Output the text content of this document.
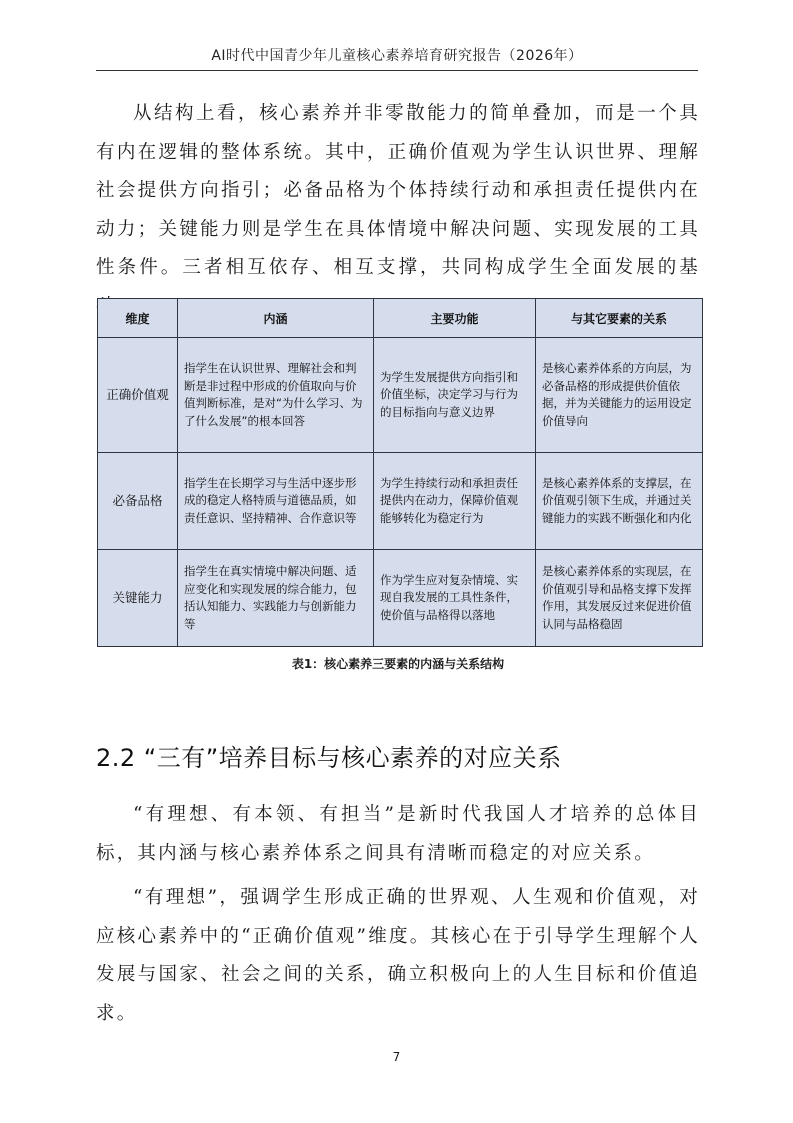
AI时代中国青少年儿童核心素养培育研究报告（2026年）

从结构上看，核心素养并非零散能力的简单叠加，而是一个具有内在逻辑的整体系统。其中，正确价值观为学生认识世界、理解社会提供方向指引；必备品格为个体持续行动和承担责任提供内在动力；关键能力则是学生在具体情境中解决问题、实现发展的工具性条件。三者相互依存、相互支撑，共同构成学生全面发展的基

维度	内涵	主要功能	与其它要素的关系
正确价值观	指学生在认识世界、理解社会和判断是非过程中形成的价值取向与价值判断标准，是对“为什么学习、为了什么发展”的根本回答	为学生发展提供方向指引和价值坐标，决定学习与行为的目标指向与意义边界	是核心素养体系的方向层，为必备品格的形成提供价值依据，并为关键能力的运用设定价值导向
必备品格	指学生在长期学习与生活中逐步形成的稳定人格特质与道德品质，如责任意识、坚持精神、合作意识等	为学生持续行动和承担责任提供内在动力，保障价值观能够转化为稳定行为	是核心素养体系的支撑层，在价值观引领下生成，并通过关键能力的实践不断强化和内化
关键能力	指学生在真实情境中解决问题、适应变化和实现发展的综合能力，包括认知能力、实践能力与创新能力等	作为学生应对复杂情境、实现自我发展的工具性条件，使价值与品格得以落地	是核心素养体系的实现层，在价值观引导和品格支撑下发挥作用，其发展反过来促进价值认同与品格稳固
表1：核心素养三要素的内涵与关系结构
2.2 “三有”培养目标与核心素养的对应关系

“有理想、有本领、有担当”是新时代我国人才培养的总体目标，其内涵与核心素养体系之间具有清晰而稳定的对应关系。

“有理想”，强调学生形成正确的世界观、人生观和价值观，对应核心素养中的“正确价值观”维度。其核心在于引导学生理解个人发展与国家、社会之间的关系，确立积极向上的人生目标和价值追求。

7
